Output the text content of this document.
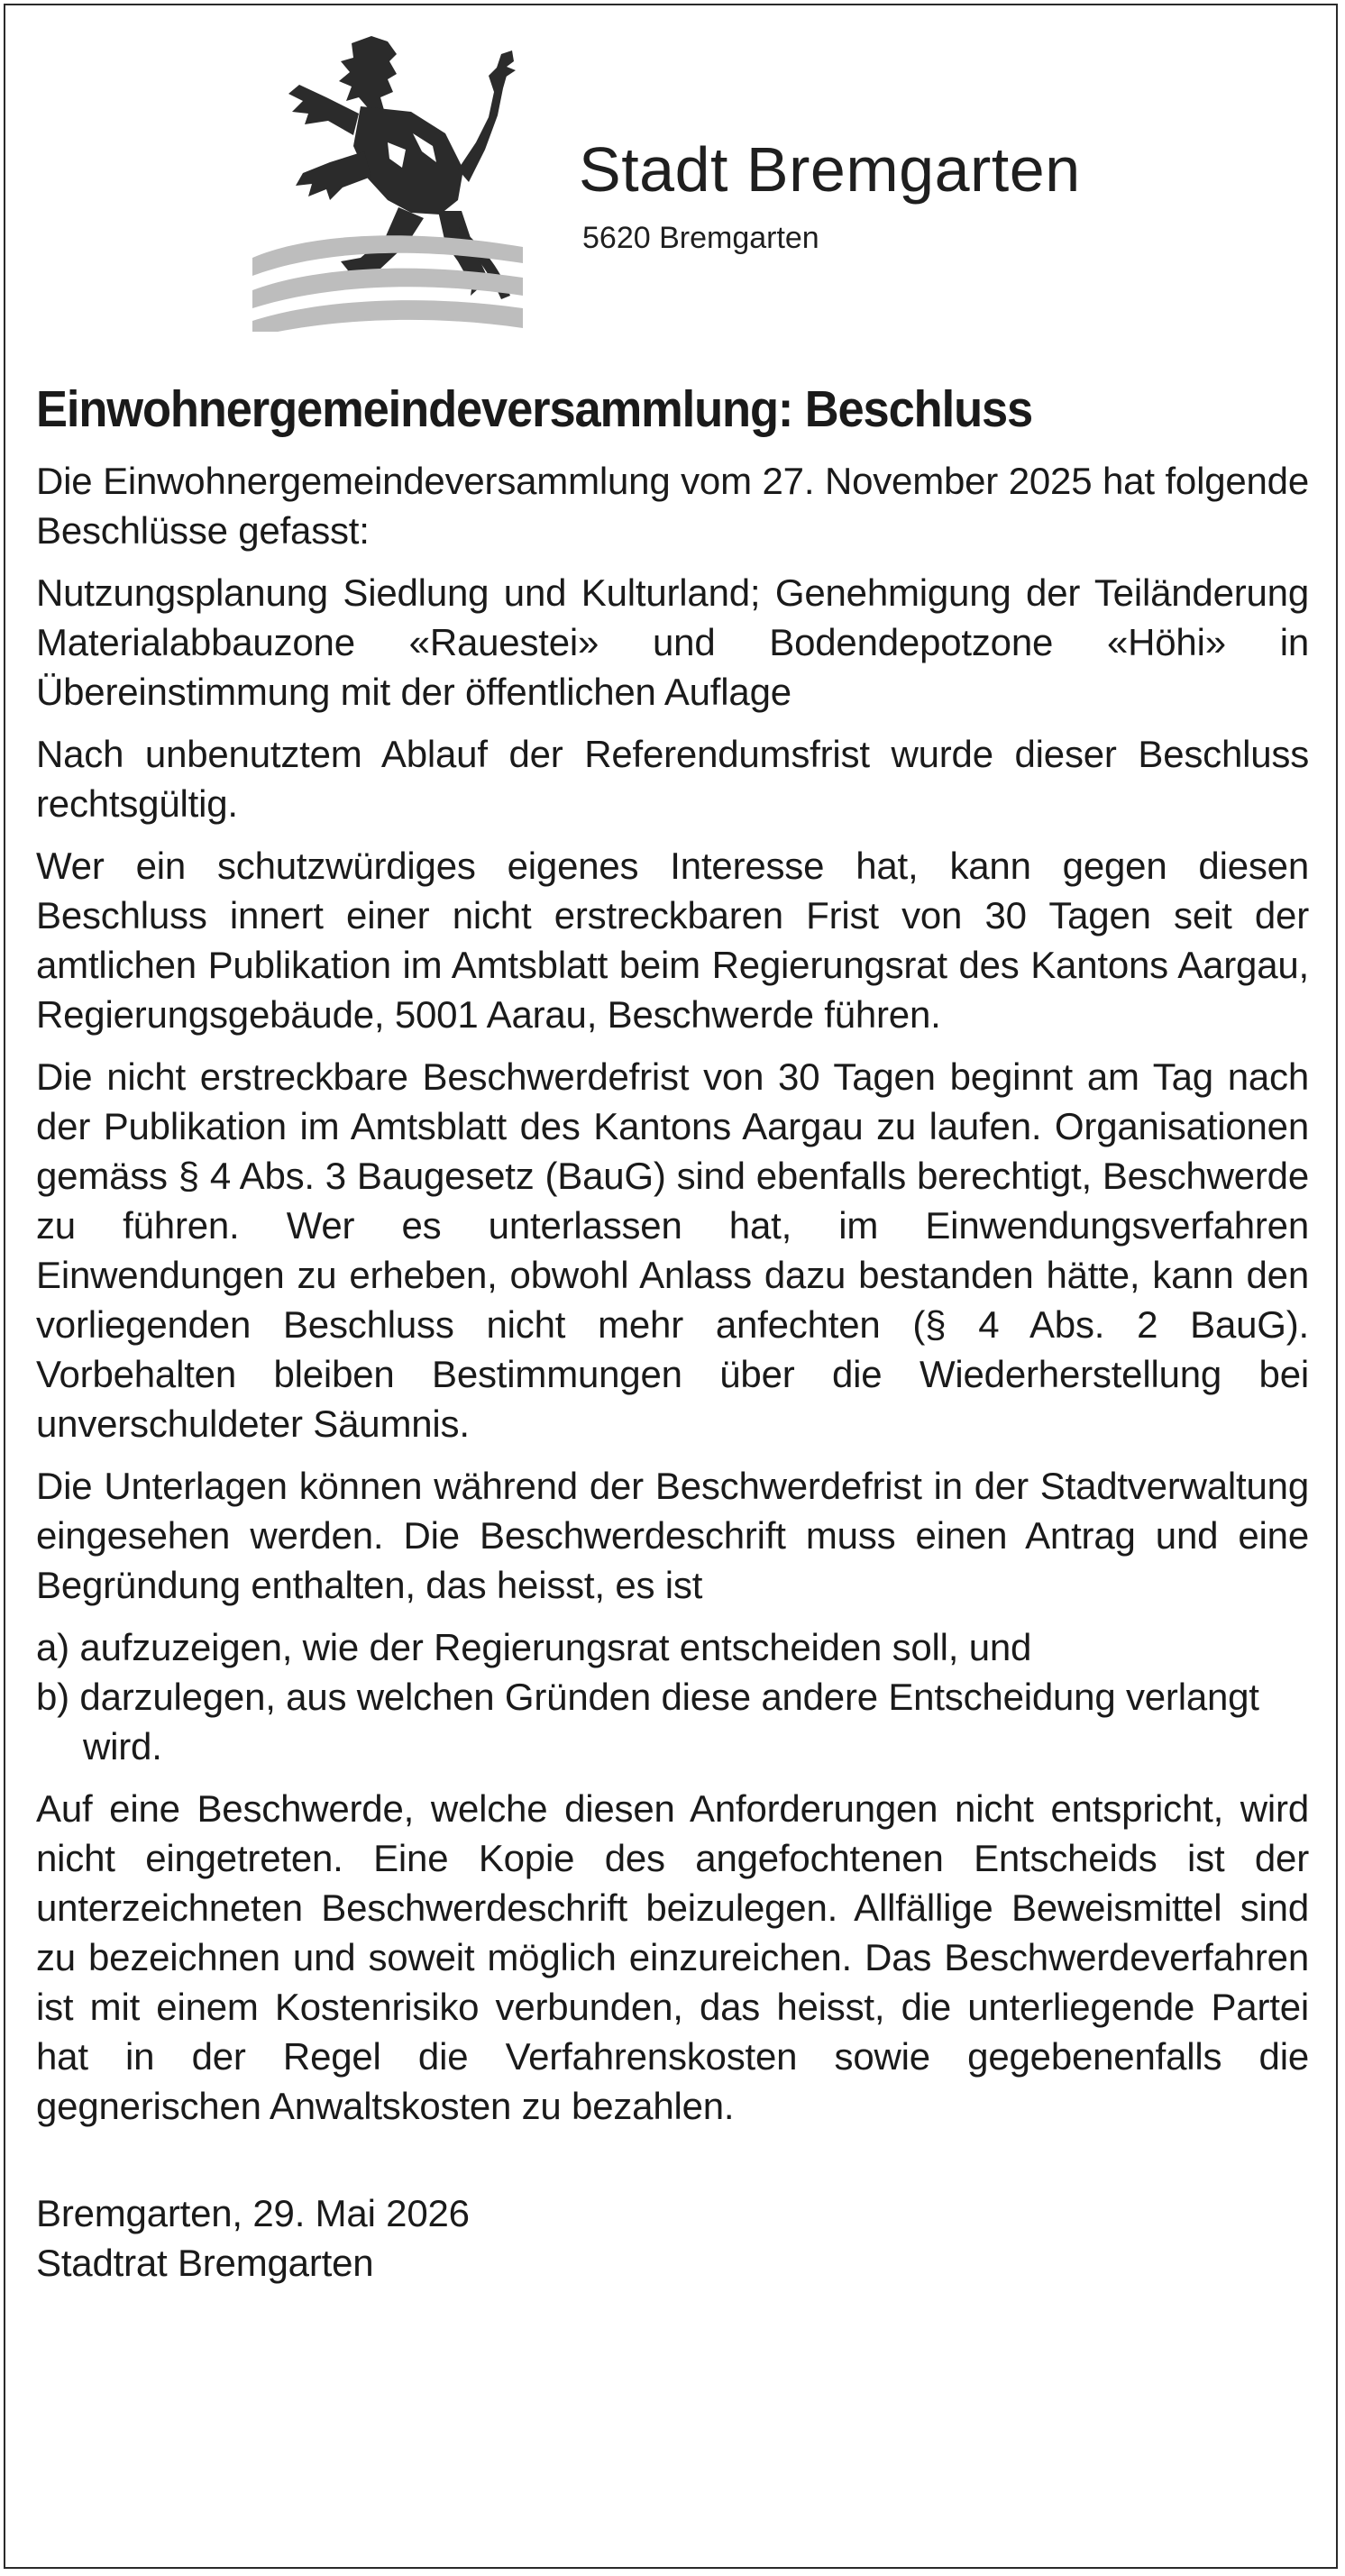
Stadt Bremgarten
5620 Bremgarten
Einwohnergemeindeversammlung: Beschluss

Die Einwohnergemeindeversammlung vom 27. November 2025 hat folgende Beschlüsse gefasst:

Nutzungsplanung Siedlung und Kulturland; Genehmigung der Teiländerung Materialabbauzone «Rauestei» und Bodendepotzone «Höhi» in Übereinstimmung mit der öffentlichen Auflage

Nach unbenutztem Ablauf der Referendumsfrist wurde dieser Beschluss rechtsgültig.

Wer ein schutzwürdiges eigenes Interesse hat, kann gegen diesen Beschluss innert einer nicht erstreckbaren Frist von 30 Tagen seit der amtlichen Publikation im Amtsblatt beim Regierungsrat des Kantons Aargau, Regierungsgebäude, 5001 Aarau, Beschwerde führen.

Die nicht erstreckbare Beschwerdefrist von 30 Tagen beginnt am Tag nach der Publikation im Amtsblatt des Kantons Aargau zu laufen. Organisationen gemäss § 4 Abs. 3 Baugesetz (BauG) sind ebenfalls berechtigt, Beschwerde zu führen. Wer es unterlassen hat, im Einwendungsverfahren Einwendungen zu erheben, obwohl Anlass dazu bestanden hätte, kann den vorliegenden Beschluss nicht mehr anfechten (§ 4 Abs. 2 BauG). Vorbehalten bleiben Bestimmungen über die Wiederherstellung bei unverschuldeter Säumnis.

Die Unterlagen können während der Beschwerdefrist in der Stadtverwaltung eingesehen werden. Die Beschwerdeschrift muss einen Antrag und eine Begründung enthalten, das heisst, es ist

a) aufzuzeigen, wie der Regierungsrat entscheiden soll, und
b) darzulegen, aus welchen Gründen diese andere Entscheidung verlangt wird.

Auf eine Beschwerde, welche diesen Anforderungen nicht entspricht, wird nicht eingetreten. Eine Kopie des angefochtenen Entscheids ist der unterzeichneten Beschwerdeschrift beizulegen. Allfällige Beweismittel sind zu bezeichnen und soweit möglich einzureichen. Das Beschwerdeverfahren ist mit einem Kostenrisiko verbunden, das heisst, die unterliegende Partei hat in der Regel die Verfahrenskosten sowie gegebenenfalls die gegnerischen Anwaltskosten zu bezahlen.

Bremgarten, 29. Mai 2026
Stadtrat Bremgarten
